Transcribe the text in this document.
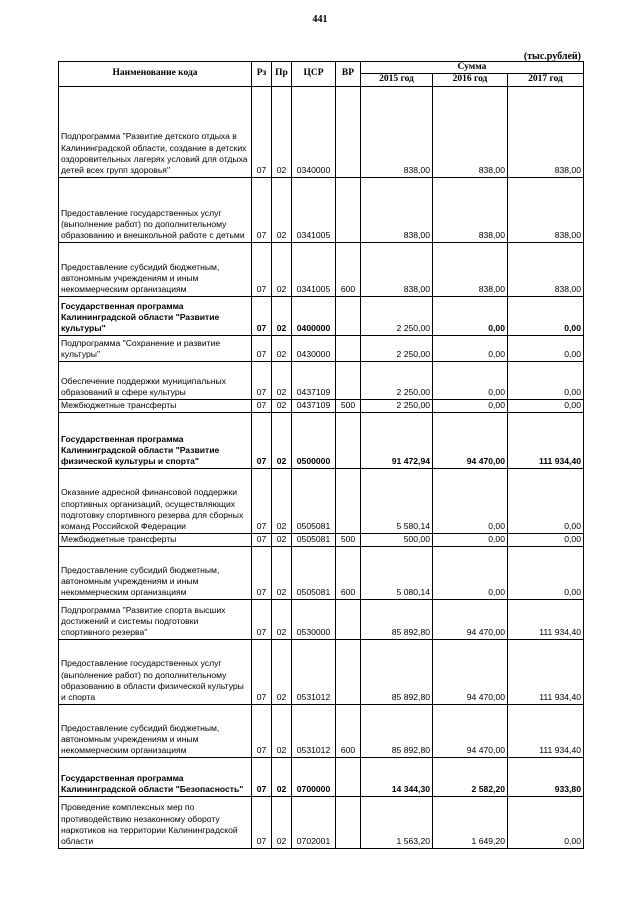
441
(тыс.рублей)
Наименование кода	Рз	Пр	ЦСР	ВР	Сумма		
					2015 год	2016 год	2017 год
Подпрограмма "Развитие детского отдыха в Калининградской области, создание в детских оздоровительных лагерях условий для отдыха детей всех групп здоровья"	07	02	0340000		838,00	838,00	838,00
Предоставление государственных услуг (выполнение работ) по дополнительному образованию и внешкольной работе с детьми	07	02	0341005		838,00	838,00	838,00
Предоставление субсидий бюджетным, автономным учреждениям и иным некоммерческим организациям	07	02	0341005	600	838,00	838,00	838,00
Государственная программа Калининградской области "Развитие культуры"	07	02	0400000		2 250,00	0,00	0,00
Подпрограмма "Сохранение и развитие культуры"	07	02	0430000		2 250,00	0,00	0,00
Обеспечение поддержки муниципальных образований в сфере культуры	07	02	0437109		2 250,00	0,00	0,00
Межбюджетные трансферты	07	02	0437109	500	2 250,00	0,00	0,00
Государственная программа Калининградской области "Развитие физической культуры и спорта"	07	02	0500000		91 472,94	94 470,00	111 934,40
Оказание адресной финансовой поддержки спортивных организаций, осуществляющих подготовку спортивного резерва для сборных команд Российской Федерации	07	02	0505081		5 580,14	0,00	0,00
Межбюджетные трансферты	07	02	0505081	500	500,00	0,00	0,00
Предоставление субсидий бюджетным, автономным учреждениям и иным некоммерческим организациям	07	02	0505081	600	5 080,14	0,00	0,00
Подпрограмма "Развитие спорта высших достижений и системы подготовки спортивного резерва"	07	02	0530000		85 892,80	94 470,00	111 934,40
Предоставление государственных услуг (выполнение работ) по дополнительному образованию в области физической культуры и спорта	07	02	0531012		85 892,80	94 470,00	111 934,40
Предоставление субсидий бюджетным, автономным учреждениям и иным некоммерческим организациям	07	02	0531012	600	85 892,80	94 470,00	111 934,40
Государственная программа Калининградской области "Безопасность"	07	02	0700000		14 344,30	2 582,20	933,80
Проведение комплексных мер по противодействию незаконному обороту наркотиков на территории Калининградской области	07	02	0702001		1 563,20	1 649,20	0,00
